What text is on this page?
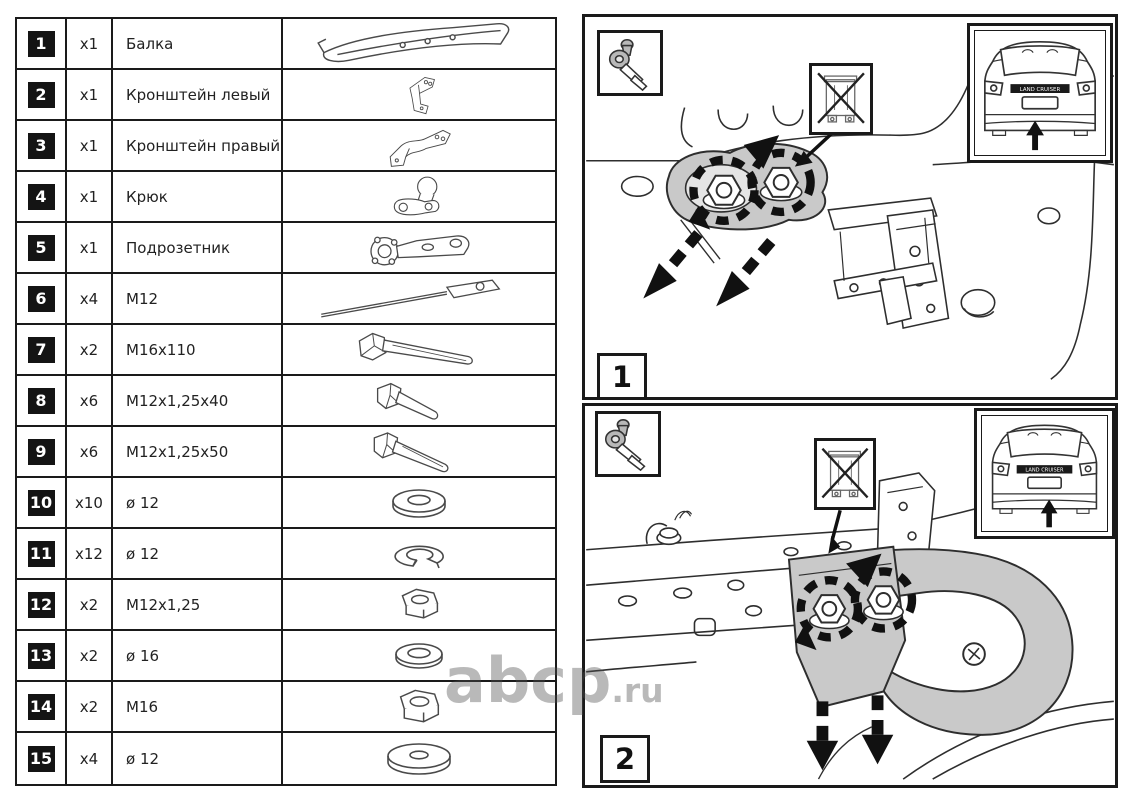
1	x1	Балка
2	x1	Кронштейн левый
3	x1	Кронштейн правый
4	x1	Крюк
5	x1	Подрозетник
6	x4	М12
7	x2	М16х110
8	x6	М12х1,25х40
9	x6	М12х1,25х50
10	x10	ø 12
11	x12	ø 12
12	x2	М12х1,25
13	x2	ø 16
14	x2	М16
15	x4	ø 12
LAND CRUISER
1
LAND CRUISER
2
abcp .ru
